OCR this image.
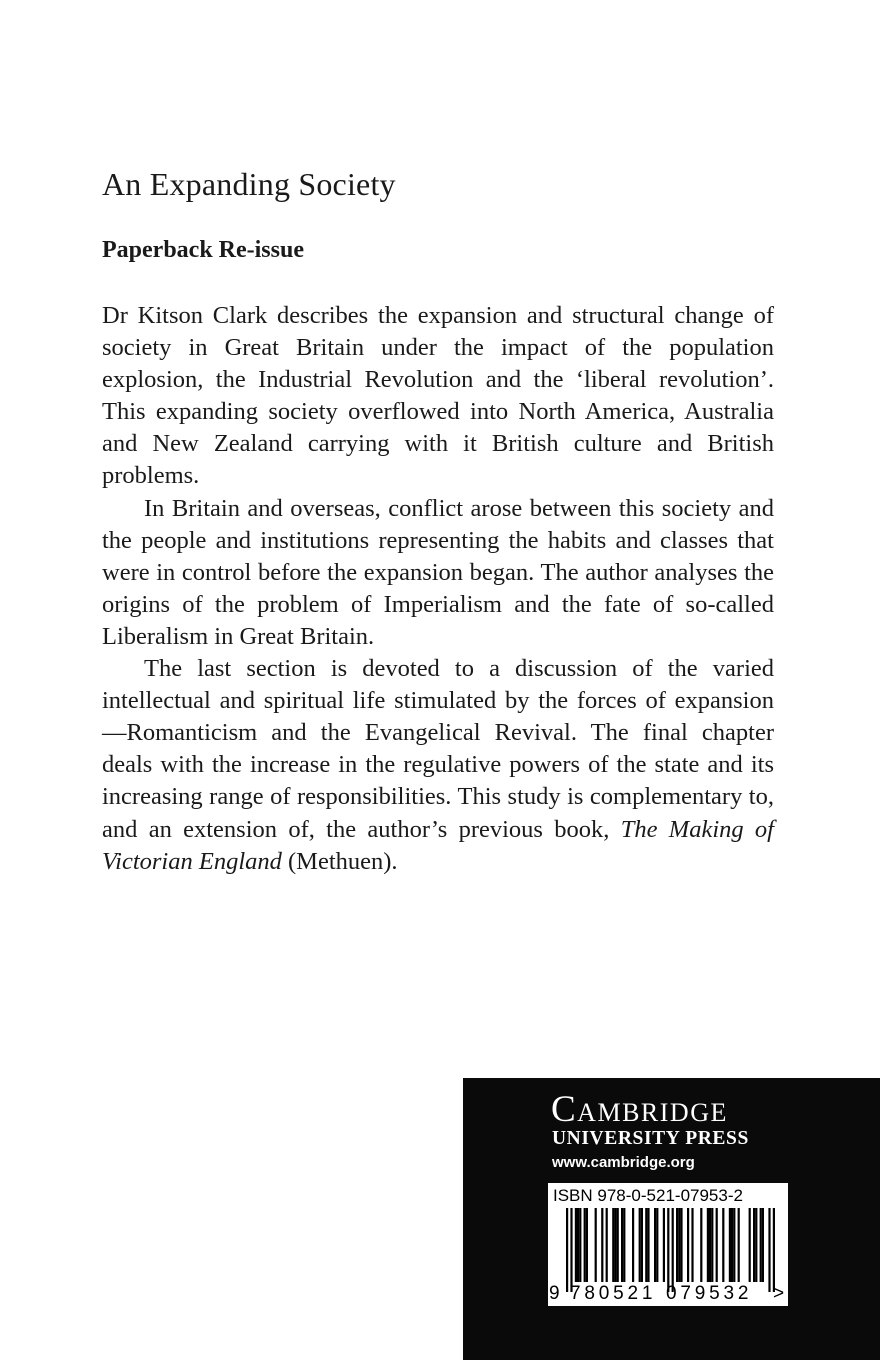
An Expanding Society
Paperback Re-issue

Dr Kitson Clark describes the expansion and structural change of society in Great Britain under the impact of the population explosion, the Industrial Revolution and the ‘liberal revolution’. This expanding society overflowed into North America, Australia and New Zealand carrying with it British culture and British problems.

In Britain and overseas, conflict arose between this society and the people and institutions representing the habits and classes that were in control before the expansion began. The author analyses the origins of the problem of Imperialism and the fate of so-called Liberalism in Great Britain.

The last section is devoted to a discussion of the varied intellectual and spiritual life stimulated by the forces of expansion—Romanticism and the Evangelical Revival. The final chapter deals with the increase in the regulative powers of the state and its increasing range of responsibilities. This study is complementary to, and an extension of, the author’s previous book, The Making of Victorian England (Methuen).

Cambridge
UNIVERSITY PRESS
www.cambridge.org
ISBN 978-0-521-07953-2
9 780521 079532 >
